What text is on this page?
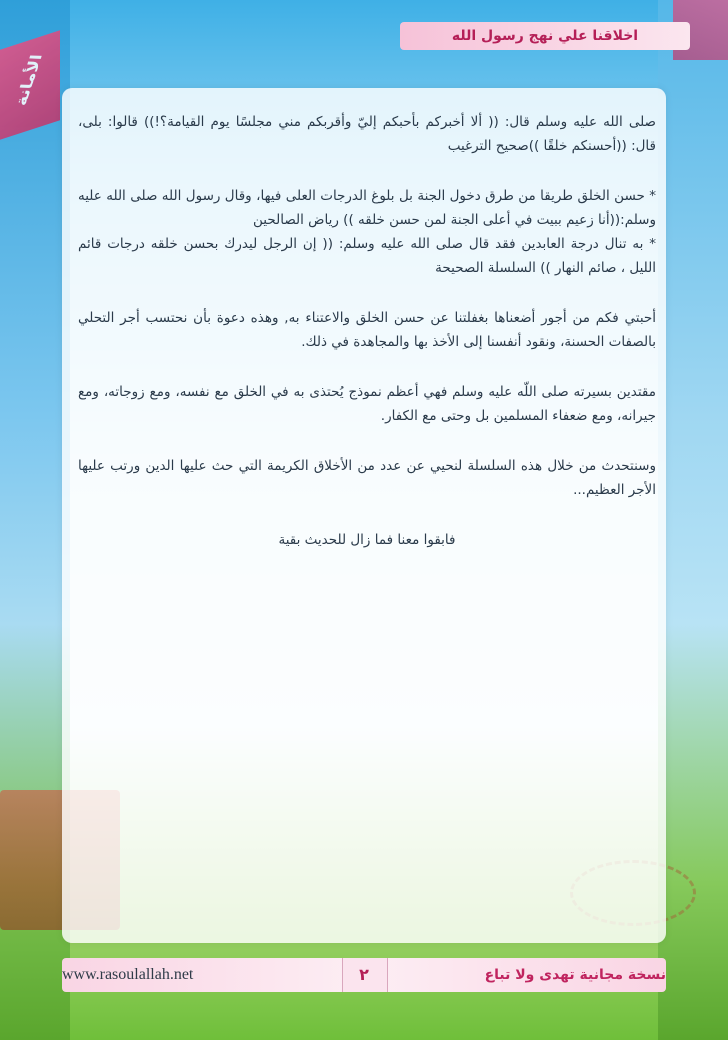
الأمانة
اخلاقنا علي نهج رسول الله

صلى الله عليه وسلم قال: (( ألا أخبركم بأحبكم إليّ وأقربكم مني مجلسًا يوم القيامة؟!)) قالوا: بلى، قال: ((أحسنكم خلقًا ))صحيح الترغيب

* حسن الخلق طريقا من طرق دخول الجنة بل بلوغ الدرجات العلى فيها، وقال رسول الله صلى الله عليه وسلم:((أنا زعيم ببيت في أعلى الجنة لمن حسن خلقه )) رياض الصالحين

* به تنال درجة العابدين فقد قال صلى الله عليه وسلم: (( إن الرجل ليدرك بحسن خلقه درجات قائم الليل ، صائم النهار )) السلسلة الصحيحة

أحبتي فكم من أجور أضعناها بغفلتنا عن حسن الخلق والاعتناء به, وهذه دعوة بأن نحتسب أجر التحلي بالصفات الحسنة، ونقود أنفسنا إلى الأخذ بها والمجاهدة في ذلك.

مقتدين بسيرته صلى اللّه عليه وسلم فهي أعظم نموذج يُحتذى به في الخلق مع نفسه، ومع زوجاته، ومع جيرانه، ومع ضعفاء المسلمين بل وحتى مع الكفار.

وسنتحدث من خلال هذه السلسلة لنحيي عن عدد من الأخلاق الكريمة التي حث عليها الدين ورتب عليها الأجر العظيم...

فابقوا معنا فما زال للحديث بقية

www.rasoulallah.net	٢	نسخة مجانية تهدى ولا تباع
